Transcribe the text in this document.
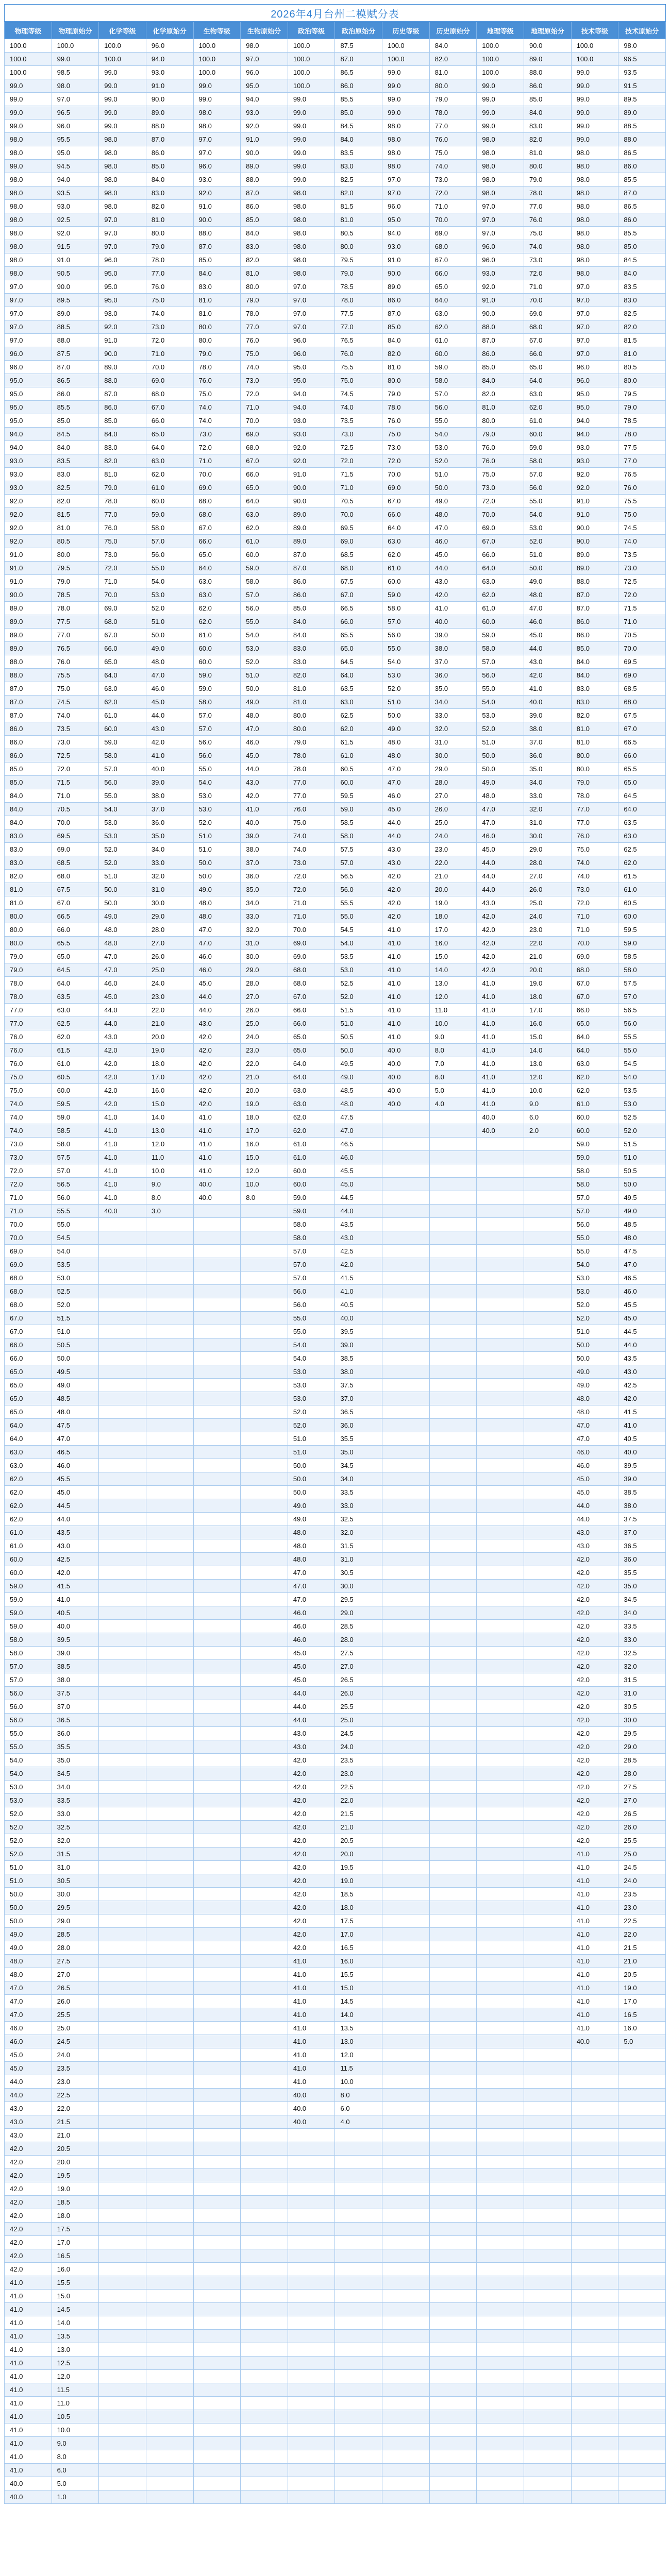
2026年4月台州二模赋分表
物理等级	物理原始分	化学等级	化学原始分	生物等级	生物原始分	政治等级	政治原始分	历史等级	历史原始分	地理等级	地理原始分	技术等级	技术原始分
100.0	100.0	100.0	96.0	100.0	98.0	100.0	87.5	100.0	84.0	100.0	90.0	100.0	98.0
100.0	99.0	100.0	94.0	100.0	97.0	100.0	87.0	100.0	82.0	100.0	89.0	100.0	96.5
100.0	98.5	99.0	93.0	100.0	96.0	100.0	86.5	99.0	81.0	100.0	88.0	99.0	93.5
99.0	98.0	99.0	91.0	99.0	95.0	100.0	86.0	99.0	80.0	99.0	86.0	99.0	91.5
99.0	97.0	99.0	90.0	99.0	94.0	99.0	85.5	99.0	79.0	99.0	85.0	99.0	89.5
99.0	96.5	99.0	89.0	98.0	93.0	99.0	85.0	99.0	78.0	99.0	84.0	99.0	89.0
99.0	96.0	99.0	88.0	98.0	92.0	99.0	84.5	98.0	77.0	99.0	83.0	99.0	88.5
98.0	95.5	98.0	87.0	97.0	91.0	99.0	84.0	98.0	76.0	98.0	82.0	99.0	88.0
98.0	95.0	98.0	86.0	97.0	90.0	99.0	83.5	98.0	75.0	98.0	81.0	98.0	86.5
99.0	94.5	98.0	85.0	96.0	89.0	99.0	83.0	98.0	74.0	98.0	80.0	98.0	86.0
98.0	94.0	98.0	84.0	93.0	88.0	99.0	82.5	97.0	73.0	98.0	79.0	98.0	85.5
98.0	93.5	98.0	83.0	92.0	87.0	98.0	82.0	97.0	72.0	98.0	78.0	98.0	87.0
98.0	93.0	98.0	82.0	91.0	86.0	98.0	81.5	96.0	71.0	97.0	77.0	98.0	86.5
98.0	92.5	97.0	81.0	90.0	85.0	98.0	81.0	95.0	70.0	97.0	76.0	98.0	86.0
98.0	92.0	97.0	80.0	88.0	84.0	98.0	80.5	94.0	69.0	97.0	75.0	98.0	85.5
98.0	91.5	97.0	79.0	87.0	83.0	98.0	80.0	93.0	68.0	96.0	74.0	98.0	85.0
98.0	91.0	96.0	78.0	85.0	82.0	98.0	79.5	91.0	67.0	96.0	73.0	98.0	84.5
98.0	90.5	95.0	77.0	84.0	81.0	98.0	79.0	90.0	66.0	93.0	72.0	98.0	84.0
97.0	90.0	95.0	76.0	83.0	80.0	97.0	78.5	89.0	65.0	92.0	71.0	97.0	83.5
97.0	89.5	95.0	75.0	81.0	79.0	97.0	78.0	86.0	64.0	91.0	70.0	97.0	83.0
97.0	89.0	93.0	74.0	81.0	78.0	97.0	77.5	87.0	63.0	90.0	69.0	97.0	82.5
97.0	88.5	92.0	73.0	80.0	77.0	97.0	77.0	85.0	62.0	88.0	68.0	97.0	82.0
97.0	88.0	91.0	72.0	80.0	76.0	96.0	76.5	84.0	61.0	87.0	67.0	97.0	81.5
96.0	87.5	90.0	71.0	79.0	75.0	96.0	76.0	82.0	60.0	86.0	66.0	97.0	81.0
96.0	87.0	89.0	70.0	78.0	74.0	95.0	75.5	81.0	59.0	85.0	65.0	96.0	80.5
95.0	86.5	88.0	69.0	76.0	73.0	95.0	75.0	80.0	58.0	84.0	64.0	96.0	80.0
95.0	86.0	87.0	68.0	75.0	72.0	94.0	74.5	79.0	57.0	82.0	63.0	95.0	79.5
95.0	85.5	86.0	67.0	74.0	71.0	94.0	74.0	78.0	56.0	81.0	62.0	95.0	79.0
95.0	85.0	85.0	66.0	74.0	70.0	93.0	73.5	76.0	55.0	80.0	61.0	94.0	78.5
94.0	84.5	84.0	65.0	73.0	69.0	93.0	73.0	75.0	54.0	79.0	60.0	94.0	78.0
94.0	84.0	83.0	64.0	72.0	68.0	92.0	72.5	73.0	53.0	76.0	59.0	93.0	77.5
93.0	83.5	82.0	63.0	71.0	67.0	92.0	72.0	72.0	52.0	76.0	58.0	93.0	77.0
93.0	83.0	81.0	62.0	70.0	66.0	91.0	71.5	70.0	51.0	75.0	57.0	92.0	76.5
93.0	82.5	79.0	61.0	69.0	65.0	90.0	71.0	69.0	50.0	73.0	56.0	92.0	76.0
92.0	82.0	78.0	60.0	68.0	64.0	90.0	70.5	67.0	49.0	72.0	55.0	91.0	75.5
92.0	81.5	77.0	59.0	68.0	63.0	89.0	70.0	66.0	48.0	70.0	54.0	91.0	75.0
92.0	81.0	76.0	58.0	67.0	62.0	89.0	69.5	64.0	47.0	69.0	53.0	90.0	74.5
92.0	80.5	75.0	57.0	66.0	61.0	89.0	69.0	63.0	46.0	67.0	52.0	90.0	74.0
91.0	80.0	73.0	56.0	65.0	60.0	87.0	68.5	62.0	45.0	66.0	51.0	89.0	73.5
91.0	79.5	72.0	55.0	64.0	59.0	87.0	68.0	61.0	44.0	64.0	50.0	89.0	73.0
91.0	79.0	71.0	54.0	63.0	58.0	86.0	67.5	60.0	43.0	63.0	49.0	88.0	72.5
90.0	78.5	70.0	53.0	63.0	57.0	86.0	67.0	59.0	42.0	62.0	48.0	87.0	72.0
89.0	78.0	69.0	52.0	62.0	56.0	85.0	66.5	58.0	41.0	61.0	47.0	87.0	71.5
89.0	77.5	68.0	51.0	62.0	55.0	84.0	66.0	57.0	40.0	60.0	46.0	86.0	71.0
89.0	77.0	67.0	50.0	61.0	54.0	84.0	65.5	56.0	39.0	59.0	45.0	86.0	70.5
89.0	76.5	66.0	49.0	60.0	53.0	83.0	65.0	55.0	38.0	58.0	44.0	85.0	70.0
88.0	76.0	65.0	48.0	60.0	52.0	83.0	64.5	54.0	37.0	57.0	43.0	84.0	69.5
88.0	75.5	64.0	47.0	59.0	51.0	82.0	64.0	53.0	36.0	56.0	42.0	84.0	69.0
87.0	75.0	63.0	46.0	59.0	50.0	81.0	63.5	52.0	35.0	55.0	41.0	83.0	68.5
87.0	74.5	62.0	45.0	58.0	49.0	81.0	63.0	51.0	34.0	54.0	40.0	83.0	68.0
87.0	74.0	61.0	44.0	57.0	48.0	80.0	62.5	50.0	33.0	53.0	39.0	82.0	67.5
86.0	73.5	60.0	43.0	57.0	47.0	80.0	62.0	49.0	32.0	52.0	38.0	81.0	67.0
86.0	73.0	59.0	42.0	56.0	46.0	79.0	61.5	48.0	31.0	51.0	37.0	81.0	66.5
86.0	72.5	58.0	41.0	56.0	45.0	78.0	61.0	48.0	30.0	50.0	36.0	80.0	66.0
85.0	72.0	57.0	40.0	55.0	44.0	78.0	60.5	47.0	29.0	50.0	35.0	80.0	65.5
85.0	71.5	56.0	39.0	54.0	43.0	77.0	60.0	47.0	28.0	49.0	34.0	79.0	65.0
84.0	71.0	55.0	38.0	53.0	42.0	77.0	59.5	46.0	27.0	48.0	33.0	78.0	64.5
84.0	70.5	54.0	37.0	53.0	41.0	76.0	59.0	45.0	26.0	47.0	32.0	77.0	64.0
84.0	70.0	53.0	36.0	52.0	40.0	75.0	58.5	44.0	25.0	47.0	31.0	77.0	63.5
83.0	69.5	53.0	35.0	51.0	39.0	74.0	58.0	44.0	24.0	46.0	30.0	76.0	63.0
83.0	69.0	52.0	34.0	51.0	38.0	74.0	57.5	43.0	23.0	45.0	29.0	75.0	62.5
83.0	68.5	52.0	33.0	50.0	37.0	73.0	57.0	43.0	22.0	44.0	28.0	74.0	62.0
82.0	68.0	51.0	32.0	50.0	36.0	72.0	56.5	42.0	21.0	44.0	27.0	74.0	61.5
81.0	67.5	50.0	31.0	49.0	35.0	72.0	56.0	42.0	20.0	44.0	26.0	73.0	61.0
81.0	67.0	50.0	30.0	48.0	34.0	71.0	55.5	42.0	19.0	43.0	25.0	72.0	60.5
80.0	66.5	49.0	29.0	48.0	33.0	71.0	55.0	42.0	18.0	42.0	24.0	71.0	60.0
80.0	66.0	48.0	28.0	47.0	32.0	70.0	54.5	41.0	17.0	42.0	23.0	71.0	59.5
80.0	65.5	48.0	27.0	47.0	31.0	69.0	54.0	41.0	16.0	42.0	22.0	70.0	59.0
79.0	65.0	47.0	26.0	46.0	30.0	69.0	53.5	41.0	15.0	42.0	21.0	69.0	58.5
79.0	64.5	47.0	25.0	46.0	29.0	68.0	53.0	41.0	14.0	42.0	20.0	68.0	58.0
78.0	64.0	46.0	24.0	45.0	28.0	68.0	52.5	41.0	13.0	41.0	19.0	67.0	57.5
78.0	63.5	45.0	23.0	44.0	27.0	67.0	52.0	41.0	12.0	41.0	18.0	67.0	57.0
77.0	63.0	44.0	22.0	44.0	26.0	66.0	51.5	41.0	11.0	41.0	17.0	66.0	56.5
77.0	62.5	44.0	21.0	43.0	25.0	66.0	51.0	41.0	10.0	41.0	16.0	65.0	56.0
76.0	62.0	43.0	20.0	42.0	24.0	65.0	50.5	41.0	9.0	41.0	15.0	64.0	55.5
76.0	61.5	42.0	19.0	42.0	23.0	65.0	50.0	40.0	8.0	41.0	14.0	64.0	55.0
76.0	61.0	42.0	18.0	42.0	22.0	64.0	49.5	40.0	7.0	41.0	13.0	63.0	54.5
75.0	60.5	42.0	17.0	42.0	21.0	64.0	49.0	40.0	6.0	41.0	12.0	62.0	54.0
75.0	60.0	42.0	16.0	42.0	20.0	63.0	48.5	40.0	5.0	41.0	10.0	62.0	53.5
74.0	59.5	42.0	15.0	42.0	19.0	63.0	48.0	40.0	4.0	41.0	9.0	61.0	53.0
74.0	59.0	41.0	14.0	41.0	18.0	62.0	47.5			40.0	6.0	60.0	52.5
74.0	58.5	41.0	13.0	41.0	17.0	62.0	47.0			40.0	2.0	60.0	52.0
73.0	58.0	41.0	12.0	41.0	16.0	61.0	46.5					59.0	51.5
73.0	57.5	41.0	11.0	41.0	15.0	61.0	46.0					59.0	51.0
72.0	57.0	41.0	10.0	41.0	12.0	60.0	45.5					58.0	50.5
72.0	56.5	41.0	9.0	40.0	10.0	60.0	45.0					58.0	50.0
71.0	56.0	41.0	8.0	40.0	8.0	59.0	44.5					57.0	49.5
71.0	55.5	40.0	3.0			59.0	44.0					57.0	49.0
70.0	55.0					58.0	43.5					56.0	48.5
70.0	54.5					58.0	43.0					55.0	48.0
69.0	54.0					57.0	42.5					55.0	47.5
69.0	53.5					57.0	42.0					54.0	47.0
68.0	53.0					57.0	41.5					53.0	46.5
68.0	52.5					56.0	41.0					53.0	46.0
68.0	52.0					56.0	40.5					52.0	45.5
67.0	51.5					55.0	40.0					52.0	45.0
67.0	51.0					55.0	39.5					51.0	44.5
66.0	50.5					54.0	39.0					50.0	44.0
66.0	50.0					54.0	38.5					50.0	43.5
65.0	49.5					53.0	38.0					49.0	43.0
65.0	49.0					53.0	37.5					49.0	42.5
65.0	48.5					53.0	37.0					48.0	42.0
65.0	48.0					52.0	36.5					48.0	41.5
64.0	47.5					52.0	36.0					47.0	41.0
64.0	47.0					51.0	35.5					47.0	40.5
63.0	46.5					51.0	35.0					46.0	40.0
63.0	46.0					50.0	34.5					46.0	39.5
62.0	45.5					50.0	34.0					45.0	39.0
62.0	45.0					50.0	33.5					45.0	38.5
62.0	44.5					49.0	33.0					44.0	38.0
62.0	44.0					49.0	32.5					44.0	37.5
61.0	43.5					48.0	32.0					43.0	37.0
61.0	43.0					48.0	31.5					43.0	36.5
60.0	42.5					48.0	31.0					42.0	36.0
60.0	42.0					47.0	30.5					42.0	35.5
59.0	41.5					47.0	30.0					42.0	35.0
59.0	41.0					47.0	29.5					42.0	34.5
59.0	40.5					46.0	29.0					42.0	34.0
59.0	40.0					46.0	28.5					42.0	33.5
58.0	39.5					46.0	28.0					42.0	33.0
58.0	39.0					45.0	27.5					42.0	32.5
57.0	38.5					45.0	27.0					42.0	32.0
57.0	38.0					45.0	26.5					42.0	31.5
56.0	37.5					44.0	26.0					42.0	31.0
56.0	37.0					44.0	25.5					42.0	30.5
56.0	36.5					44.0	25.0					42.0	30.0
55.0	36.0					43.0	24.5					42.0	29.5
55.0	35.5					43.0	24.0					42.0	29.0
54.0	35.0					42.0	23.5					42.0	28.5
54.0	34.5					42.0	23.0					42.0	28.0
53.0	34.0					42.0	22.5					42.0	27.5
53.0	33.5					42.0	22.0					42.0	27.0
52.0	33.0					42.0	21.5					42.0	26.5
52.0	32.5					42.0	21.0					42.0	26.0
52.0	32.0					42.0	20.5					42.0	25.5
52.0	31.5					42.0	20.0					41.0	25.0
51.0	31.0					42.0	19.5					41.0	24.5
51.0	30.5					42.0	19.0					41.0	24.0
50.0	30.0					42.0	18.5					41.0	23.5
50.0	29.5					42.0	18.0					41.0	23.0
50.0	29.0					42.0	17.5					41.0	22.5
49.0	28.5					42.0	17.0					41.0	22.0
49.0	28.0					42.0	16.5					41.0	21.5
48.0	27.5					41.0	16.0					41.0	21.0
48.0	27.0					41.0	15.5					41.0	20.5
47.0	26.5					41.0	15.0					41.0	19.0
47.0	26.0					41.0	14.5					41.0	17.0
47.0	25.5					41.0	14.0					41.0	16.5
46.0	25.0					41.0	13.5					41.0	16.0
46.0	24.5					41.0	13.0					40.0	5.0
45.0	24.0					41.0	12.0						
45.0	23.5					41.0	11.5						
44.0	23.0					41.0	10.0						
44.0	22.5					40.0	8.0						
43.0	22.0					40.0	6.0						
43.0	21.5					40.0	4.0						
43.0	21.0												
42.0	20.5												
42.0	20.0												
42.0	19.5												
42.0	19.0												
42.0	18.5												
42.0	18.0												
42.0	17.5												
42.0	17.0												
42.0	16.5												
42.0	16.0												
41.0	15.5												
41.0	15.0												
41.0	14.5												
41.0	14.0												
41.0	13.5												
41.0	13.0												
41.0	12.5												
41.0	12.0												
41.0	11.5												
41.0	11.0												
41.0	10.5												
41.0	10.0												
41.0	9.0												
41.0	8.0												
41.0	6.0												
40.0	5.0												
40.0	1.0												
